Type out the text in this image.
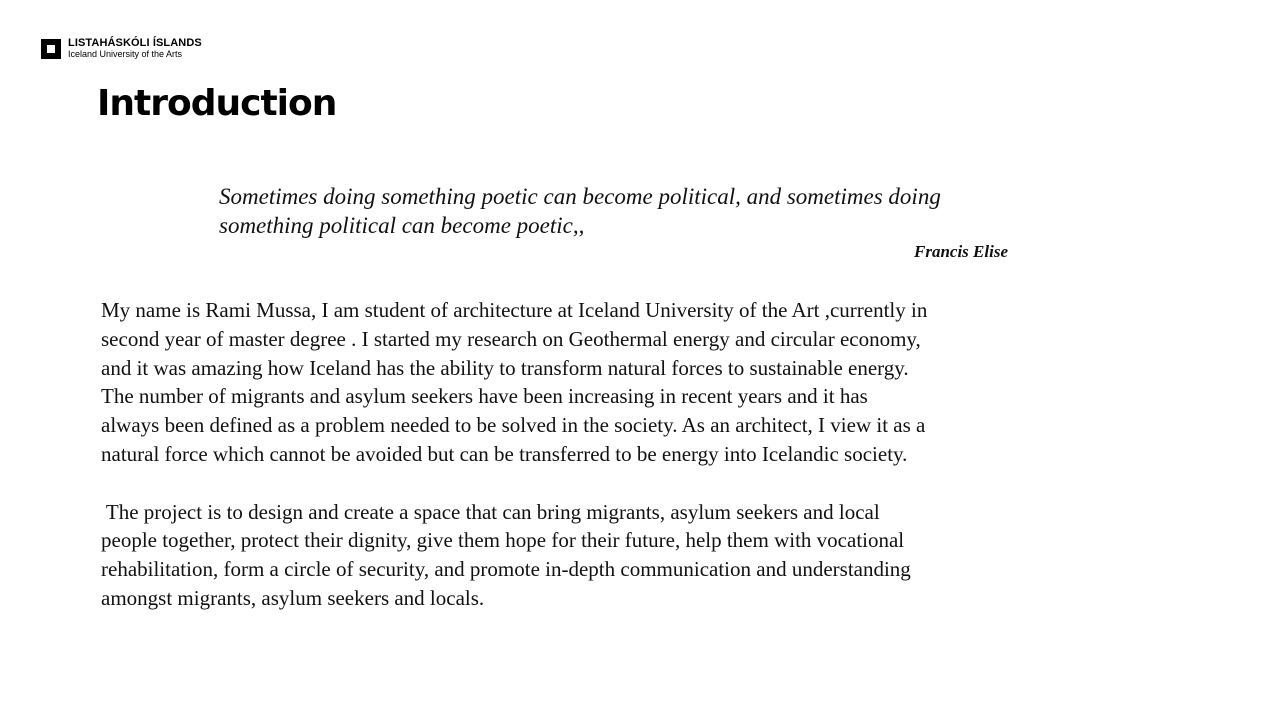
LISTAHÁSKÓLI ÍSLANDS
Iceland University of the Arts
Introduction
Sometimes doing something poetic can become political, and sometimes doing
something political can become poetic,,
Francis Elise
My name is Rami Mussa, I am student of architecture at Iceland University of the Art ,currently in
second year of master degree . I started my research on Geothermal energy and circular economy,
and it was amazing how Iceland has the ability to transform natural forces to sustainable energy.
The number of migrants and asylum seekers have been increasing in recent years and it has
always been defined as a problem needed to be solved in the society. As an architect, I view it as a
natural force which cannot be avoided but can be transferred to be energy into Icelandic society.
The project is to design and create a space that can bring migrants, asylum seekers and local
people together, protect their dignity, give them hope for their future, help them with vocational
rehabilitation, form a circle of security, and promote in-depth communication and understanding
amongst migrants, asylum seekers and locals.
